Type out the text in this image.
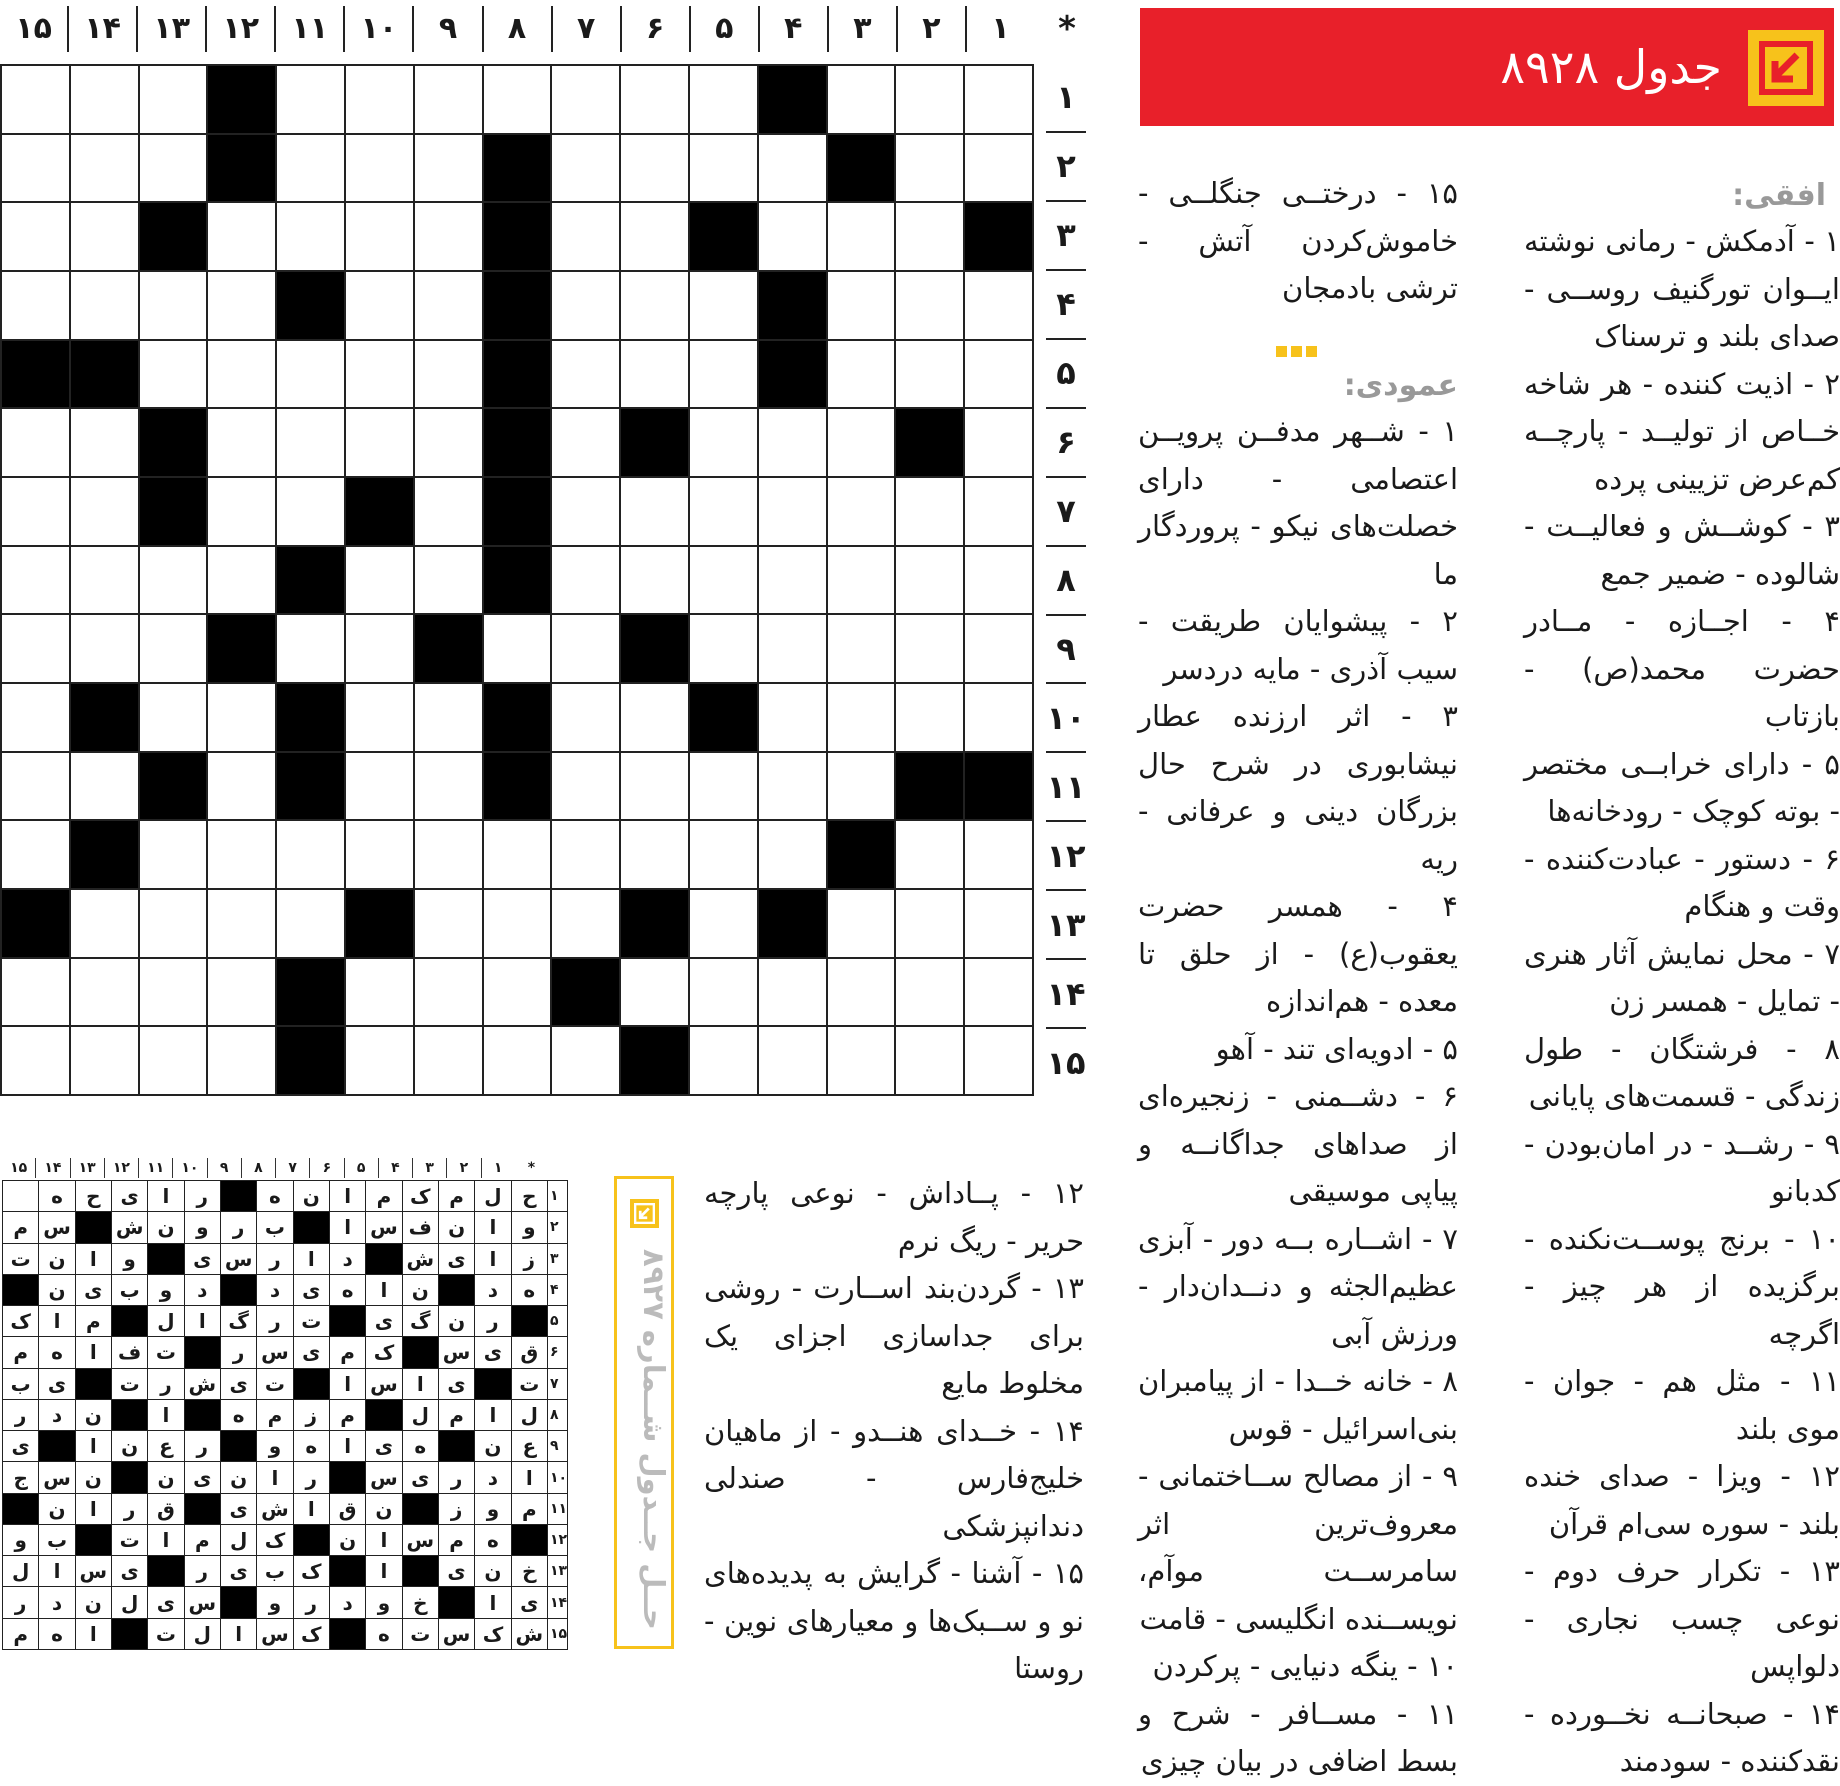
جدول ۸۹۲۸
۱
۲
۳
۴
۵
۶
۷
۸
۹
۱۰
۱۱
۱۲
۱۳
۱۴
۱۵	*

۱
۲
۳
۴
۵
۶
۷
۸
۹
۱۰
۱۱
۱۲
۱۳
۱۴
۱۵
افقی:
۱ - آدمکش - رمانی نوشته ایــوان تورگنیف روســی - صدای بلند و ترسناک
۲ - اذیت کننده - هر شاخه خــاص از تولیــد - پارچــه کم‌عرض تزیینی پرده
۳ - کوشــش و فعالیــت - شالوده - ضمیر جمع
۴ - اجــازه - مــادر حضرت محمد(ص) - بازتاب
۵ - دارای خرابــی مختصر - بوته کوچک - رودخانه‌ها
۶ - دستور - عبادت‌کننده - وقت و هنگام
۷ - محل نمایش آثار هنری - تمایل - همسر زن
۸ - فرشتگان - طول زندگی - قسمت‌های پایانی
۹ - رشــد - در امان‌بودن - کدبانو
۱۰ - برنج پوســت‌نکنده - برگزیده از هر چیز - اگرچه
۱۱ - مثل هم - جوان - موی بلند
۱۲ - ویزا - صدای خنده بلند - سوره سی‌ام قرآن
۱۳ - تکرار حرف دوم - نوعی چسب نجاری - دلواپس
۱۴ - صبحانــه نخــورده - نقدکننده - سودمند
۱۵ - درختــی جنگلــی - خاموش‌کردن آتش - ترشی بادمجان
عمودی:
۱ - شــهر مدفــن پرویــن اعتصامی - دارای خصلت‌های نیکو - پروردگار ما
۲ - پیشوایان طریقت - سیب آذری - مایه دردسر
۳ - اثر ارزنده عطار نیشابوری در شرح حال بزرگان دینی و عرفانی - ریه
۴ - همسر حضرت یعقوب(ع) - از حلق تا معده - هم‌اندازه
۵ - ادویه‌ای تند - آهو
۶ - دشــمنی - زنجیره‌ای از صداهای جداگانــه و پیاپی موسیقی
۷ - اشــاره بــه دور - آبزی عظیم‌الجثه و دنــدان‌دار - ورزش آبی
۸ - خانه خــدا - از پیامبران بنی‌اسرائیل - قوس
۹ - از مصالح ســاختمانی - معروف‌ترین اثر سامرســت موآم، نویســنده انگلیسی - قامت
۱۰ - ینگه دنیایی - پرکردن
۱۱ - مســافر - شرح و بسط اضافی در بیان چیزی
۱۲ - پــاداش - نوعی پارچه حریر - ریگ نرم
۱۳ - گردن‌بند اســارت - روشی برای جداسازی اجزای یک مخلوط مایع
۱۴ - خــدای هنــدو - از ماهیان خلیج‌فارس - صندلی دندانپزشکی
۱۵ - آشنا - گرایش به پدیده‌های نو و ســبک‌ها و معیارهای نوین - روستا
حــل جــدول شــماره ۸۹۲۷
*
۱
۲
۳
۴
۵
۶
۷
۸
۹
۱۰
۱۱
۱۲
۱۳
۱۴
۱۵
	ه	ح	ی	ا	ر		ه	ن	ا	م	ک	م	ل	ح	۱
م	س		ش	ن	و	ر	ب		ا	س	ف	ن	ا	و	۲
ت	ن	ا	و		ی	س	ر	ا	د		ش	ی	ا	ز	۳
	ن	ی	ب	و	د		د	ی	ه	ا	ن		د	ه	۴
ک	ا	م		ل	ا	گ	ر	ت		ی	گ	ن	ر		۵
م	ه	ا	ف	ت		ر	س	ی	م	ک		س	ی	ق	۶
ب	ی		ت	ر	ش	ی	ت		ا	س	ا	ی		ت	۷
ر	د	ن		ا		ه	م	ز	م		ل	م	ا	ل	۸
ی		ا	ن	ع	ر		و	ه	ا	ی	ه		ن	ع	۹
ج	س	ن		ن	ی	ن	ا	ر		س	ی	ر	د	ا	۱۰
	ن	ا	ر	ق		ی	ش	ا	ق	ن		ز	و	م	۱۱
و	ب		ت	ا	م	ل	ک		ن	ا	س	م	ه		۱۲
ل	ا	س	ی		ر	ی	ب	ک		ا		ی	ن	خ	۱۳
ر	د	ن	ل	ی	س		و	ر	د	و	خ		ا	ی	۱۴
م	ه	ا		ت	ل	ا	س	ک		ه	ت	س	ک	ش	۱۵
